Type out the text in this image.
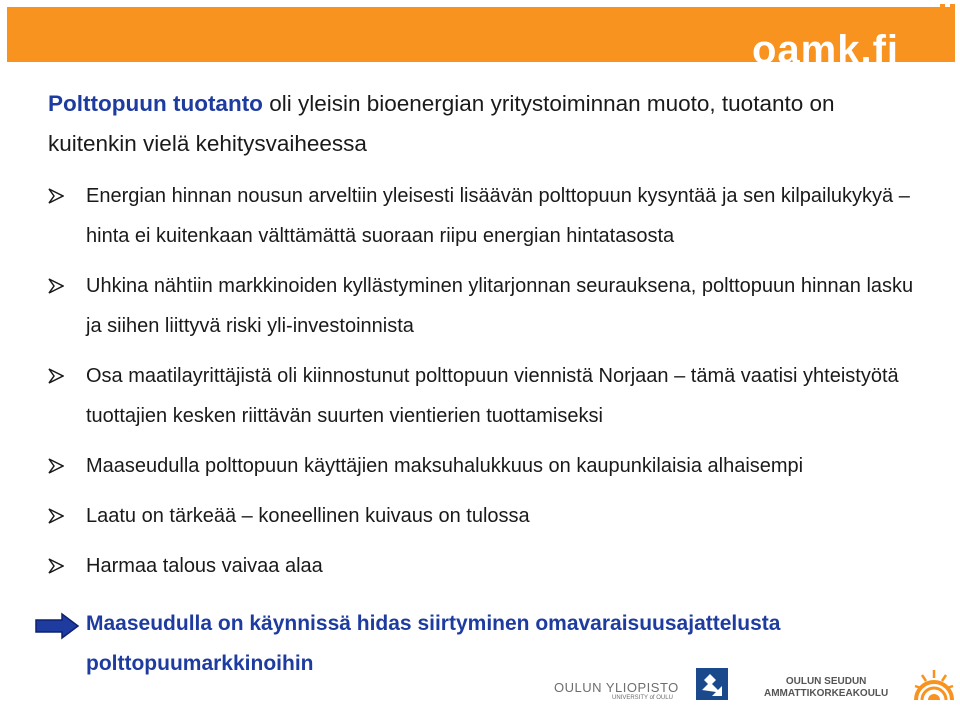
oamk.fi

Polttopuun tuotanto oli yleisin bioenergian yritystoiminnan muoto, tuotanto on kuitenkin vielä kehitysvaiheessa

Energian hinnan nousun arveltiin yleisesti lisäävän polttopuun kysyntää ja sen kilpailukykyä – hinta ei kuitenkaan välttämättä suoraan riipu energian hintatasosta
Uhkina nähtiin markkinoiden kyllästyminen ylitarjonnan seurauksena, polttopuun hinnan lasku ja siihen liittyvä riski yli-investoinnista
Osa maatilayrittäjistä oli kiinnostunut polttopuun viennistä Norjaan – tämä vaatisi yhteistyötä tuottajien kesken riittävän suurten vientierien tuottamiseksi
Maaseudulla polttopuun käyttäjien maksuhalukkuus on kaupunkilaisia alhaisempi
Laatu on tärkeää – koneellinen kuivaus on tulossa
Harmaa talous vaivaa alaa
Maaseudulla on käynnissä hidas siirtyminen omavaraisuusajattelusta polttopuumarkkinoihin
OULUN YLIOPISTO
UNIVERSITY of OULU
OULUN SEUDUN
AMMATTIKORKEAKOULU
